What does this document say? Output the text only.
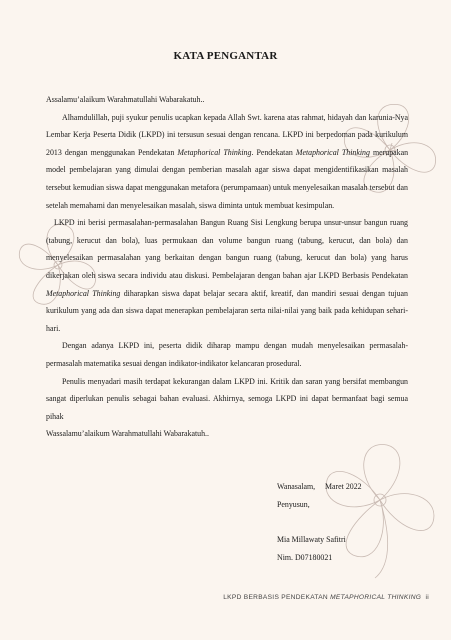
KATA PENGANTAR

Assalamu’alaikum Warahmatullahi Wabarakatuh..

Alhamdulillah, puji syukur penulis ucapkan kepada Allah Swt. karena atas rahmat, hidayah dan karunia-Nya Lembar Kerja Peserta Didik (LKPD) ini tersusun sesuai dengan rencana. LKPD ini berpedoman pada kurikulum 2013 dengan menggunakan Pendekatan Metaphorical Thinking. Pendekatan Metaphorical Thinking merupakan model pembelajaran yang dimulai dengan pemberian masalah agar siswa dapat mengidentifikasikan masalah tersebut kemudian siswa dapat menggunakan metafora (perumpamaan) untuk menyelesaikan masalah tersebut dan setelah memahami dan menyelesaikan masalah, siswa diminta untuk membuat kesimpulan.

LKPD ini berisi permasalahan-permasalahan Bangun Ruang Sisi Lengkung berupa unsur-unsur bangun ruang (tabung, kerucut dan bola), luas permukaan dan volume bangun ruang (tabung, kerucut, dan bola) dan menyelesaikan permasalahan yang berkaitan dengan bangun ruang (tabung, kerucut dan bola) yang harus dikerjakan oleh siswa secara individu atau diskusi. Pembelajaran dengan bahan ajar LKPD Berbasis Pendekatan Metaphorical Thinking diharapkan siswa dapat belajar secara aktif, kreatif, dan mandiri sesuai dengan tujuan kurikulum yang ada dan siswa dapat menerapkan pembelajaran serta nilai-nilai yang baik pada kehidupan sehari-hari.

Dengan adanya LKPD ini, peserta didik diharap mampu dengan mudah menyelesaikan permasalah-permasalah matematika sesuai dengan indikator-indikator kelancaran prosedural.

Penulis menyadari masih terdapat kekurangan dalam LKPD ini. Kritik dan saran yang bersifat membangun sangat diperlukan penulis sebagai bahan evaluasi. Akhirnya, semoga LKPD ini dapat bermanfaat bagi semua pihak

Wassalamu’alaikum Warahmatullahi Wabarakatuh..

Wanasalam,     Maret 2022
Penyusun,
Mia Millawaty Safitri
Nim. D07180021
LKPD BERBASIS PENDEKATAN METAPHORICAL THINKING ii
